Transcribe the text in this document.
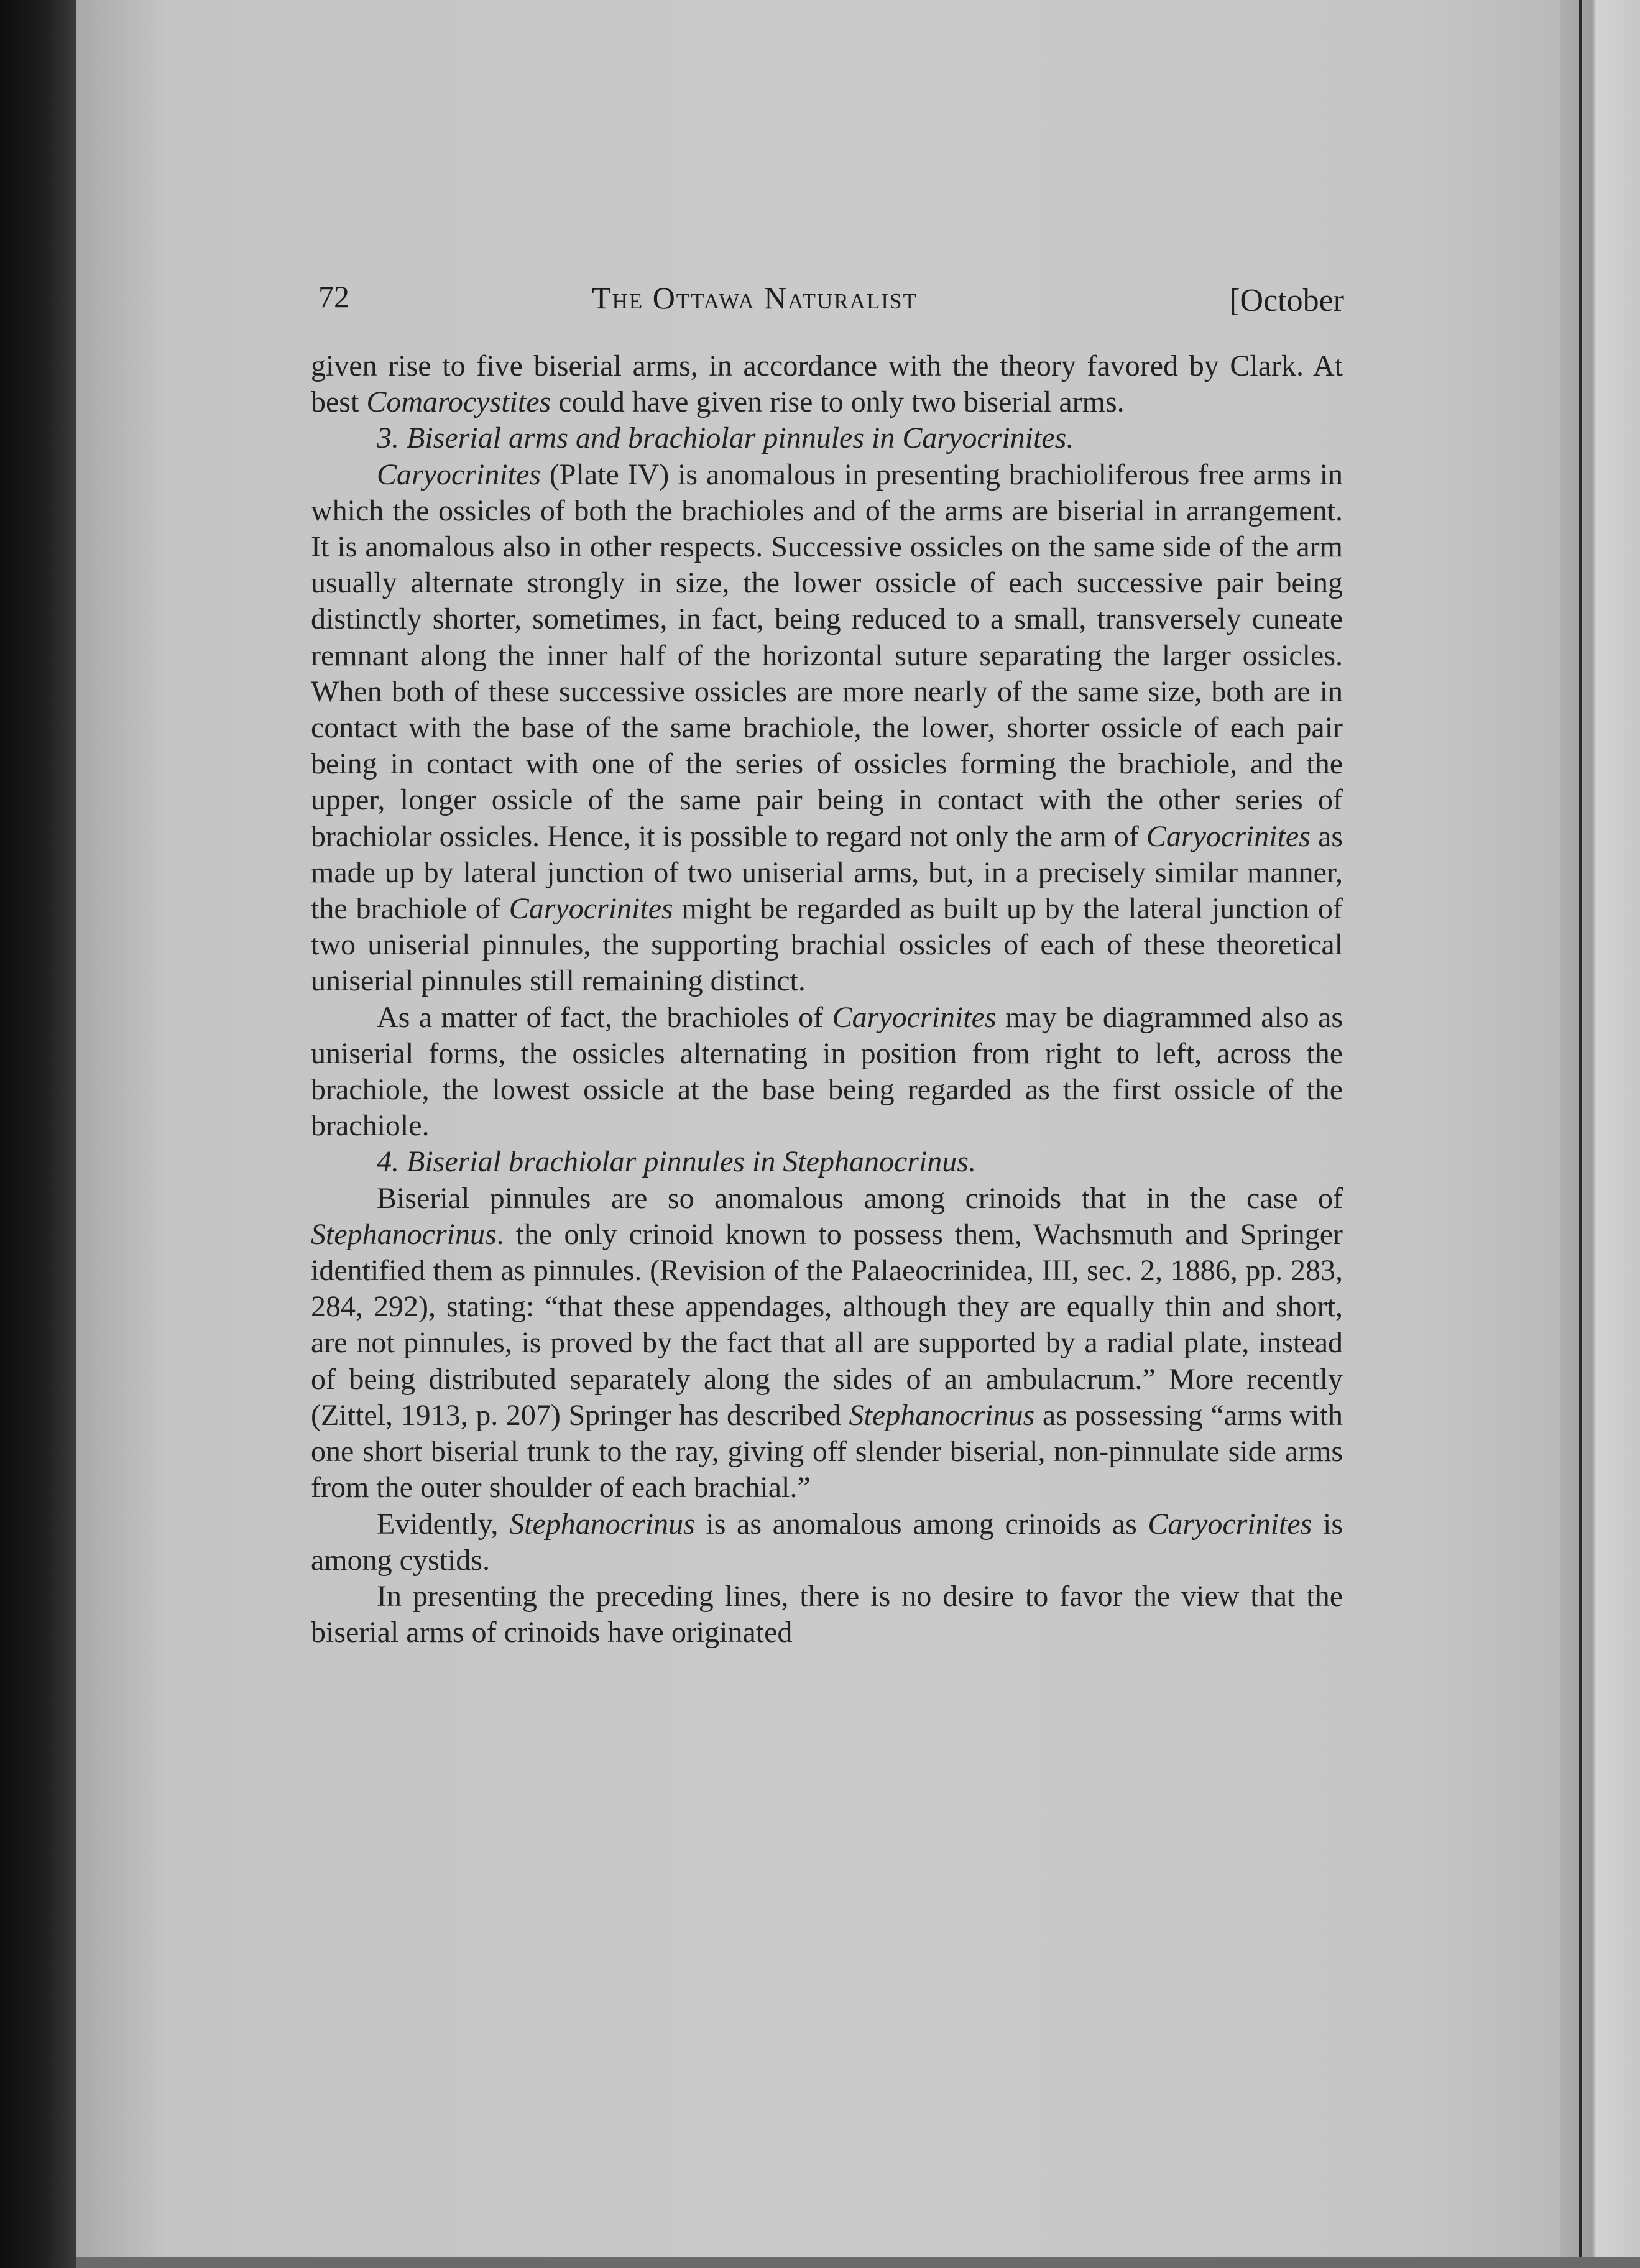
72	The Ottawa Naturalist	[October

given rise to five biserial arms, in accordance with the theory favored by Clark. At best Comarocystites could have given rise to only two biserial arms.

3. Biserial arms and brachiolar pinnules in Caryocrinites.

Caryocrinites (Plate IV) is anomalous in presenting brachioliferous free arms in which the ossicles of both the brachioles and of the arms are biserial in arrangement. It is anomalous also in other respects. Successive ossicles on the same side of the arm usually alternate strongly in size, the lower ossicle of each successive pair being distinctly shorter, sometimes, in fact, being reduced to a small, transversely cuneate remnant along the inner half of the horizontal suture separating the larger ossicles. When both of these successive ossicles are more nearly of the same size, both are in contact with the base of the same brachiole, the lower, shorter ossicle of each pair being in contact with one of the series of ossicles forming the brachiole, and the upper, longer ossicle of the same pair being in contact with the other series of brachiolar ossicles. Hence, it is possible to regard not only the arm of Caryocrinites as made up by lateral junction of two uniserial arms, but, in a precisely similar manner, the brachiole of Caryocrinites might be regarded as built up by the lateral junction of two uniserial pinnules, the supporting brachial ossicles of each of these theoretical uniserial pinnules still remaining distinct.

As a matter of fact, the brachioles of Caryocrinites may be diagrammed also as uniserial forms, the ossicles alternating in position from right to left, across the brachiole, the lowest ossicle at the base being regarded as the first ossicle of the brachiole.

4. Biserial brachiolar pinnules in Stephanocrinus.

Biserial pinnules are so anomalous among crinoids that in the case of Stephanocrinus. the only crinoid known to possess them, Wachsmuth and Springer identified them as pinnules. (Revision of the Palaeocrinidea, III, sec. 2, 1886, pp. 283, 284, 292), stating: “that these appendages, although they are equally thin and short, are not pinnules, is proved by the fact that all are supported by a radial plate, instead of being distributed separately along the sides of an ambulacrum.” More recently (Zittel, 1913, p. 207) Springer has described Stephanocrinus as possessing “arms with one short biserial trunk to the ray, giving off slender biserial, non-pinnulate side arms from the outer shoulder of each brachial.”

Evidently, Stephanocrinus is as anomalous among crinoids as Caryocrinites is among cystids.

In presenting the preceding lines, there is no desire to favor the view that the biserial arms of crinoids have originated
